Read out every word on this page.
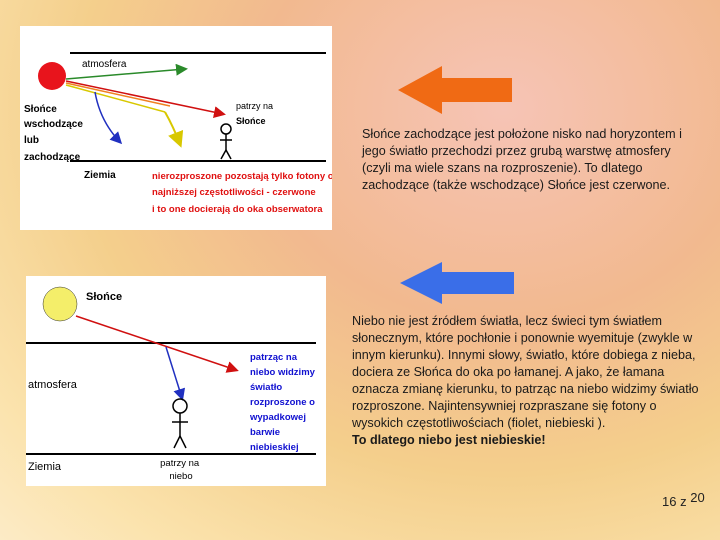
atmosfera
patrzy na Słońce
Słońce wschodzące lub zachodzące
Ziemia	nierozproszone pozostają tylko fotony o najniższej częstotliwości - czerwone i to one docierają do oka obserwatora
Słońce zachodzące jest położone nisko nad horyzontem i jego światło przechodzi przez grubą warstwę atmosfery (czyli ma wiele szans na rozproszenie). To dlatego zachodzące (także wschodzące) Słońce jest czerwone.
Słońce
atmosfera
Ziemia	patrzy na niebo
patrząc na niebo widzimy światło rozproszone o wypadkowej barwie niebieskiej
Niebo nie jest źródłem światła, lecz świeci tym światłem słonecznym, które pochłonie i ponownie wyemituje (zwykle w innym kierunku). Innymi słowy, światło, które dobiega z nieba, dociera ze Słońca do oka po łamanej. A jako, że łamana oznacza zmianę kierunku, to patrząc na niebo widzimy światło rozproszone. Najintensywniej rozpraszane się fotony o wysokich częstotliwościach (fiolet, niebieski ).
To dlatego niebo jest niebieskie!
16 z 20
